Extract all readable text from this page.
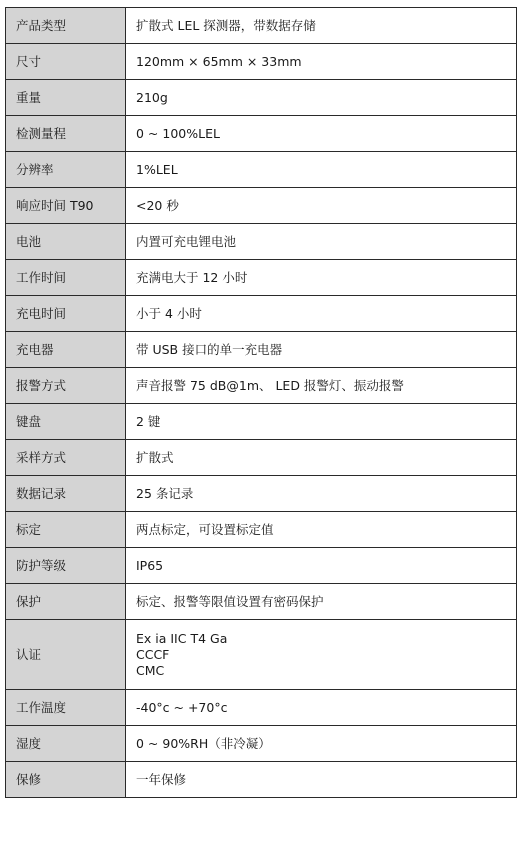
产品类型	扩散式 LEL 探测器，带数据存储

尺寸	120mm × 65mm × 33mm

重量	210g

检测量程	0 ~ 100%LEL

分辨率	1%LEL

响应时间 T90	<20 秒

电池	内置可充电锂电池

工作时间	充满电大于 12 小时

充电时间	小于 4 小时

充电器	带 USB 接口的单一充电器

报警方式	声音报警 75 dB@1m、 LED 报警灯、振动报警

键盘	2 键

采样方式	扩散式

数据记录	25 条记录

标定	两点标定，可设置标定值

防护等级	IP65

保护	标定、报警等限值设置有密码保护

认证	Ex ia IIC T4 Ga
CCCF
CMC

工作温度	-40°c ~ +70°c

湿度	0 ~ 90%RH（非冷凝）

保修	一年保修
